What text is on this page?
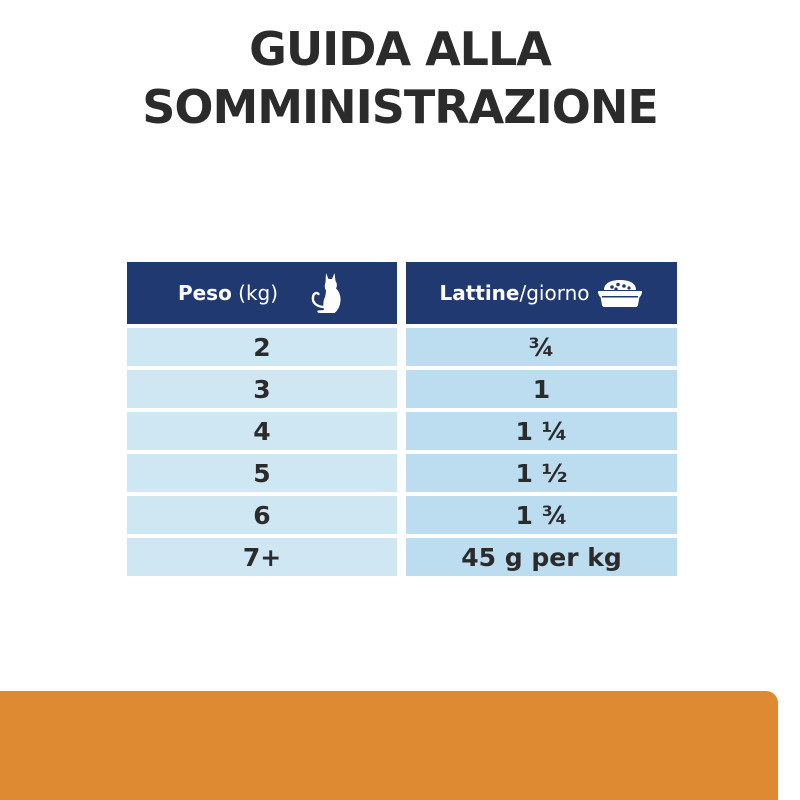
GUIDA ALLA
SOMMINISTRAZIONE
Peso (kg)	Lattine/giorno
2	¾
3	1
4	1 ¼
5	1 ½
6	1 ¾
7+	45 g per kg
